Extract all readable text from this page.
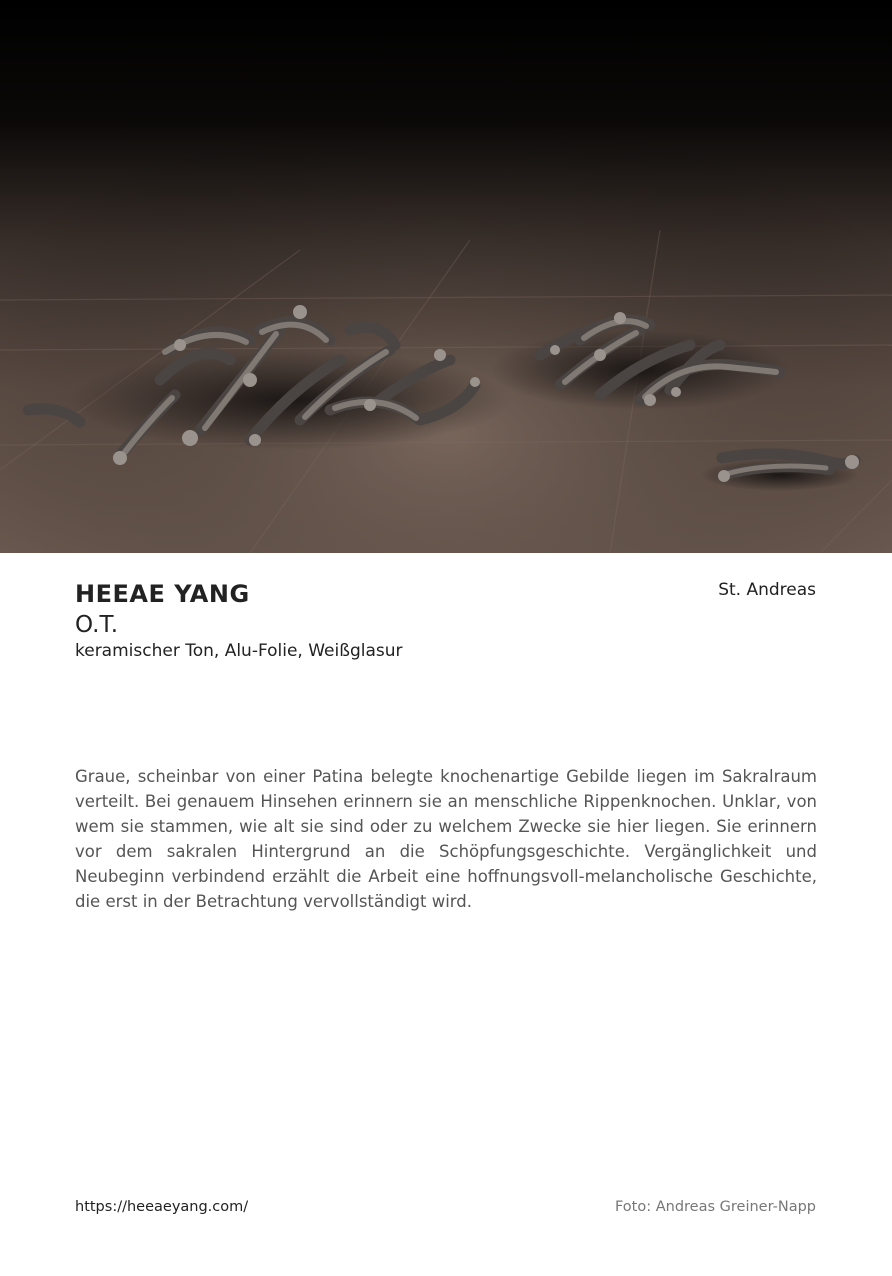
HEEAE YANG
O.T.
keramischer Ton, Alu-Folie, Weißglasur
St. Andreas

Graue, scheinbar von einer Patina belegte knochenartige Gebilde liegen im Sakralraum verteilt. Bei genauem Hinsehen erinnern sie an menschliche Rippenknochen. Unklar, von wem sie stammen, wie alt sie sind oder zu welchem Zwecke sie hier liegen. Sie erinnern vor dem sakralen Hintergrund an die Schöpfungsgeschichte. Vergänglichkeit und Neubeginn verbindend erzählt die Arbeit eine hoffnungsvoll-melancholische Geschichte, die erst in der Betrachtung vervollständigt wird.

https://heeaeyang.com/	Foto: Andreas Greiner-Napp
